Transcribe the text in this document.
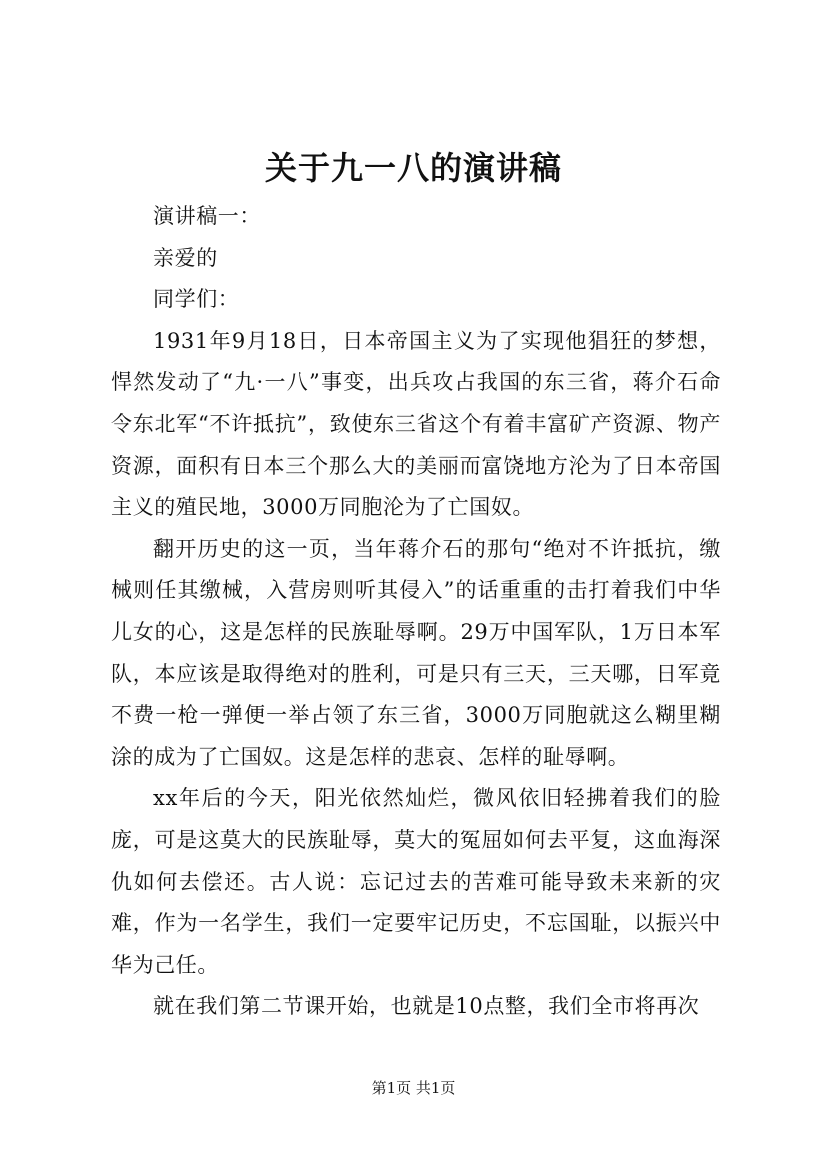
关于九一八的演讲稿

演讲稿一：

亲爱的

同学们：

1931年9月18日，日本帝国主义为了实现他猖狂的梦想，悍然发动了“九·一八”事变，出兵攻占我国的东三省，蒋介石命令东北军“不许抵抗”，致使东三省这个有着丰富矿产资源、物产资源，面积有日本三个那么大的美丽而富饶地方沦为了日本帝国主义的殖民地，3000万同胞沦为了亡国奴。

翻开历史的这一页，当年蒋介石的那句“绝对不许抵抗，缴械则任其缴械，入营房则听其侵入”的话重重的击打着我们中华儿女的心，这是怎样的民族耻辱啊。29万中国军队，1万日本军队，本应该是取得绝对的胜利，可是只有三天，三天哪，日军竟不费一枪一弹便一举占领了东三省，3000万同胞就这么糊里糊涂的成为了亡国奴。这是怎样的悲哀、怎样的耻辱啊。

xx年后的今天，阳光依然灿烂，微风依旧轻拂着我们的脸庞，可是这莫大的民族耻辱，莫大的冤屈如何去平复，这血海深仇如何去偿还。古人说：忘记过去的苦难可能导致未来新的灾难，作为一名学生，我们一定要牢记历史，不忘国耻，以振兴中华为己任。

就在我们第二节课开始，也就是10点整，我们全市将再次

第1页 共1页
